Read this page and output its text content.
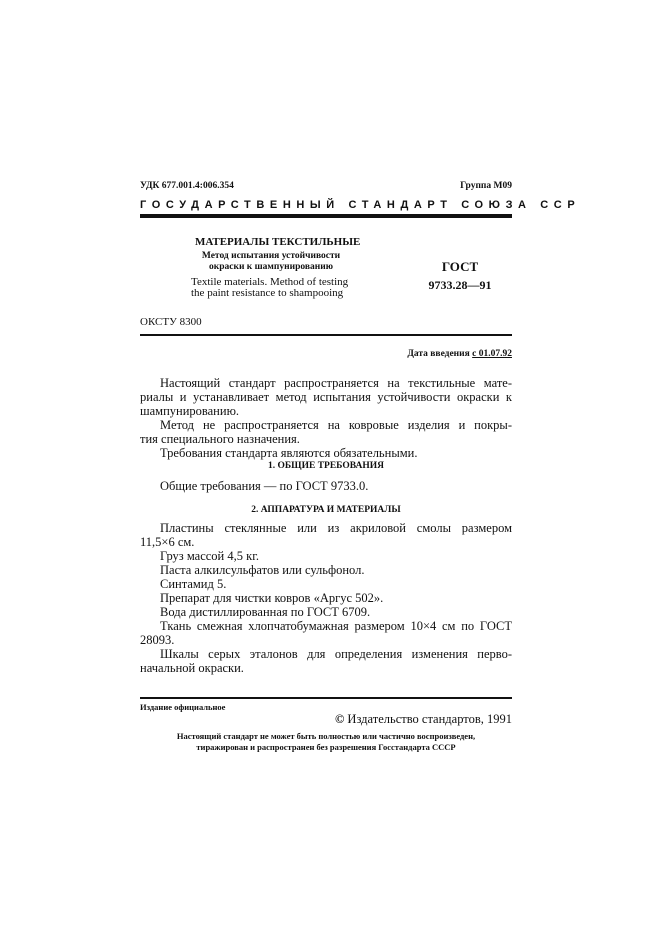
УДК 677.001.4:006.354	Группа М09
ГОСУДАРСТВЕННЫЙ СТАНДАРТ СОЮЗА ССР
МАТЕРИАЛЫ ТЕКСТИЛЬНЫЕ
Метод испытания устойчивости
окраски к шампунированию
Textile materials. Method of testing
the paint resistance to shampooing
ГОСТ
9733.28—91
ОКСТУ 8300
Дата введения с 01.07.92
Настоящий стандарт распространяется на текстильные мате-
риалы и устанавливает метод испытания устойчивости окраски к
шампунированию.
Метод не распространяется на ковровые изделия и покры-
тия специального назначения.
Требования стандарта являются обязательными.
1. ОБЩИЕ ТРЕБОВАНИЯ
Общие требования — по ГОСТ 9733.0.
2. АППАРАТУРА И МАТЕРИАЛЫ
Пластины стеклянные или из акриловой смолы размером
11,5×6 см.
Груз массой 4,5 кг.
Паста алкилсульфатов или сульфонол.
Синтамид 5.
Препарат для чистки ковров «Аргус 502».
Вода дистиллированная по ГОСТ 6709.
Ткань смежная хлопчатобумажная размером 10×4 см по ГОСТ
28093.
Шкалы серых эталонов для определения изменения перво-
начальной окраски.
Издание официальное
© Издательство стандартов, 1991
Настоящий стандарт не может быть полностью или частично воспроизведен,
тиражирован и распространен без разрешения Госстандарта СССР
